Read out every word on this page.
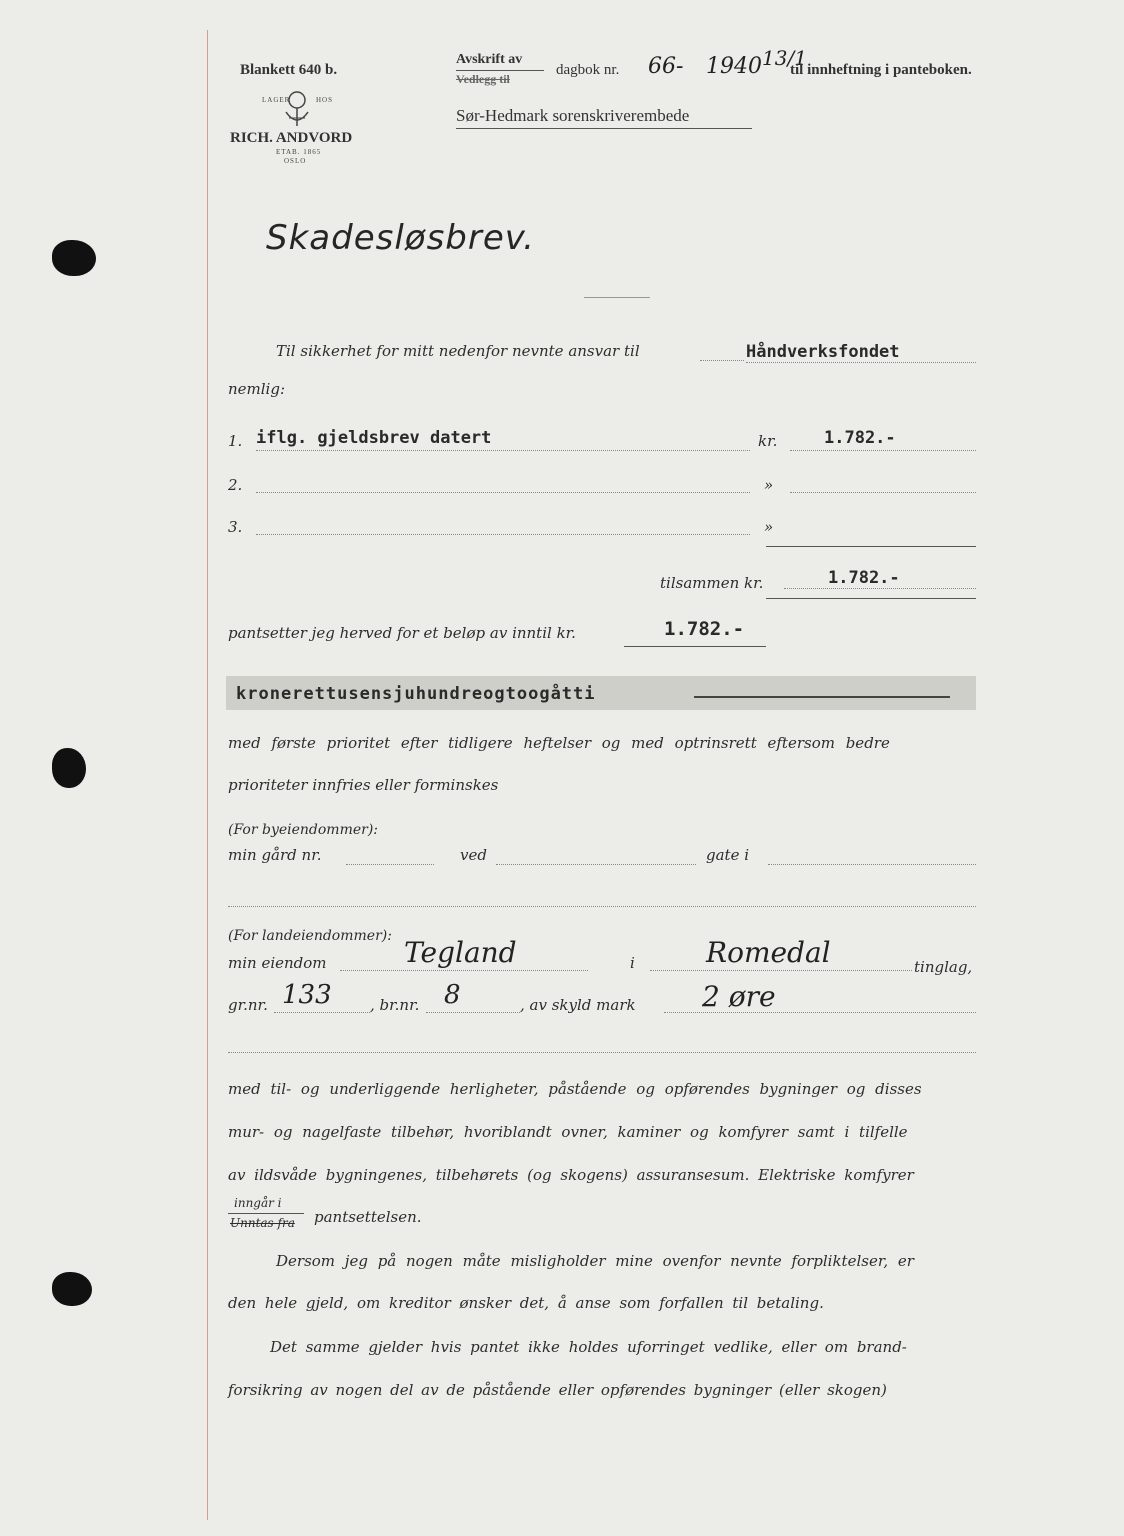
Blankett 640 b.
Avskrift av
Vedlegg til
dagbok nr. 66- 1940 13/1
til innheftning i panteboken.
Sør-Hedmark sorenskriverembede
LAGER	HOS
RICH. ANDVORD
ETAB. 1865
OSLO
Skadesløsbrev.
Til sikkerhet for mitt nedenfor nevnte ansvar til	Håndverksfondet
nemlig:
1. iflg. gjeldsbrev datert	kr.	1.782.-
2.	»
3.	»
tilsammen kr.	1.782.-
pantsetter jeg herved for et beløp av inntil kr.	1.782.-
kronerettusensjuhundreogtoogåtti
med første prioritet efter tidligere heftelser og med optrinsrett eftersom bedre
prioriteter innfries eller forminskes
(For byeiendommer):
min gård nr.	ved	gate i
(For landeiendommer):
min eiendom	Tegland	i	Romedal	tinglag,
gr.nr. 133	, br.nr. 8	, av skyld mark 2 øre
med til- og underliggende herligheter, påstående og opførendes bygninger og disses
mur- og nagelfaste tilbehør, hvoriblandt ovner, kaminer og komfyrer samt i tilfelle
av ildsvåde bygningenes, tilbehørets (og skogens) assuransesum. Elektriske komfyrer
inngår i
Unntas fra pantsettelsen.
Dersom jeg på nogen måte misligholder mine ovenfor nevnte forpliktelser, er
den hele gjeld, om kreditor ønsker det, å anse som forfallen til betaling.
Det samme gjelder hvis pantet ikke holdes uforringet vedlike, eller om brand-
forsikring av nogen del av de påstående eller opførendes bygninger (eller skogen)
